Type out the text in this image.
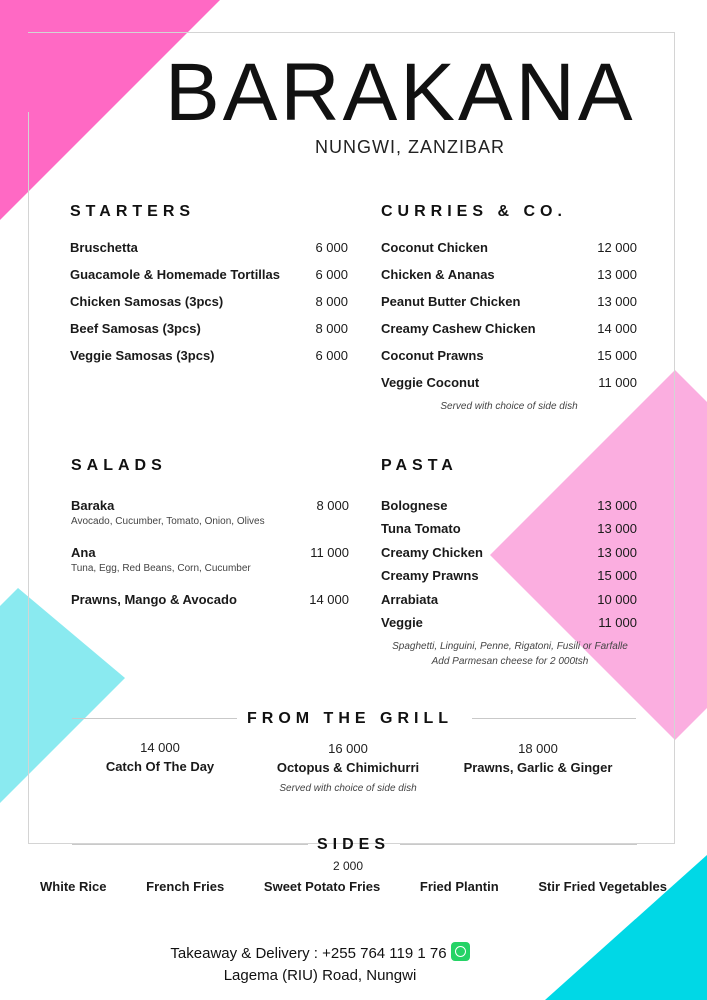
BARAKANA
NUNGWI, ZANZIBAR
STARTERS
Bruschetta	6 000
Guacamole & Homemade Tortillas	6 000
Chicken Samosas (3pcs)	8 000
Beef Samosas (3pcs)	8 000
Veggie Samosas (3pcs)	6 000
CURRIES & CO.
Coconut Chicken	12 000
Chicken & Ananas	13 000
Peanut Butter Chicken	13 000
Creamy Cashew Chicken	14 000
Coconut Prawns	15 000
Veggie Coconut	11 000
Served with choice of side dish
SALADS
Baraka
Avocado, Cucumber, Tomato, Onion, Olives
8 000
Ana
Tuna, Egg, Red Beans, Corn, Cucumber
11 000
Prawns, Mango & Avocado	14 000
PASTA
Bolognese	13 000
Tuna Tomato	13 000
Creamy Chicken	13 000
Creamy Prawns	15 000
Arrabiata	10 000
Veggie	11 000
Spaghetti, Linguini, Penne, Rigatoni, Fusili or Farfalle
Add Parmesan cheese for 2 000tsh
FROM THE GRILL
14 000
Catch Of The Day
16 000
Octopus & Chimichurri
18 000
Prawns, Garlic & Ginger
Served with choice of side dish
SIDES
2 000
White Rice	French Fries	Sweet Potato Fries	Fried Plantin	Stir Fried Vegetables
Takeaway & Delivery : +255 764 119 1 76
Lagema (RIU) Road, Nungwi
